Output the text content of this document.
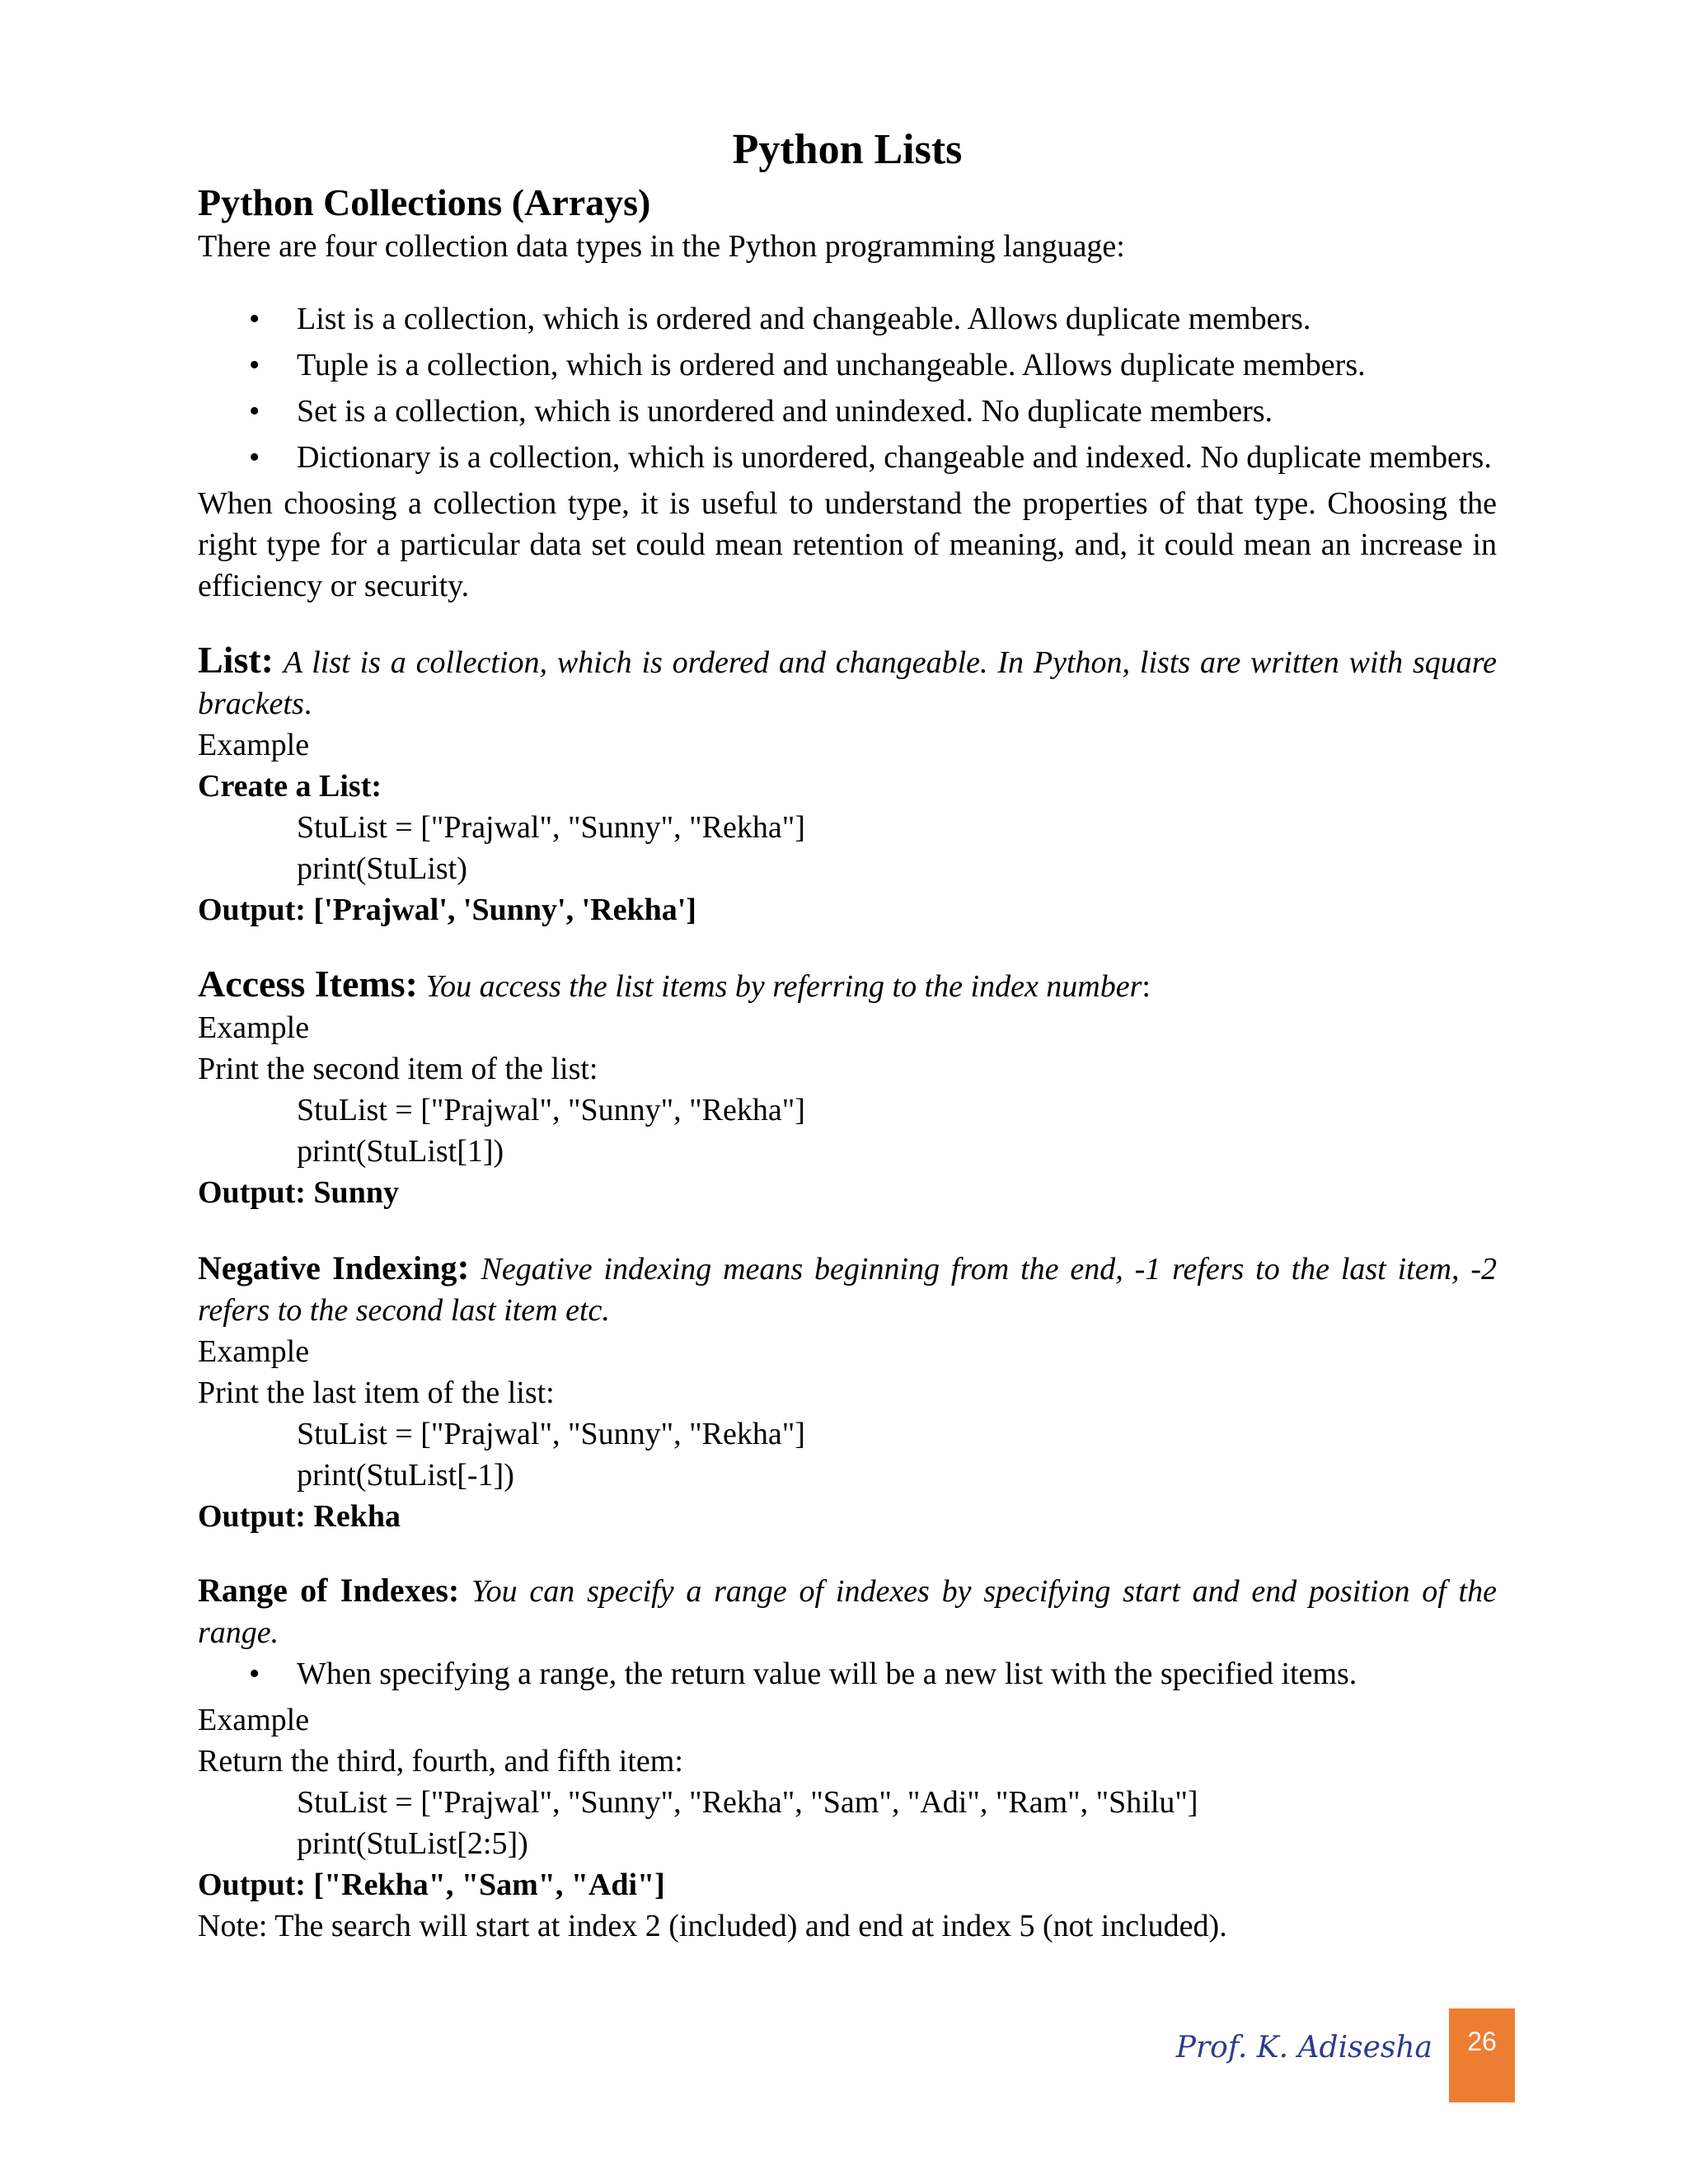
Python Lists
Python Collections (Arrays)

There are four collection data types in the Python programming language:

• List is a collection, which is ordered and changeable. Allows duplicate members.
• Tuple is a collection, which is ordered and unchangeable. Allows duplicate members.
• Set is a collection, which is unordered and unindexed. No duplicate members.
• Dictionary is a collection, which is unordered, changeable and indexed. No duplicate members.

When choosing a collection type, it is useful to understand the properties of that type. Choosing the right type for a particular data set could mean retention of meaning, and, it could mean an increase in efficiency or security.

List: A list is a collection, which is ordered and changeable. In Python, lists are written with square brackets.

Example

Create a List:

StuList = ["Prajwal", "Sunny", "Rekha"]

print(StuList)

Output: ['Prajwal', 'Sunny', 'Rekha']

Access Items: You access the list items by referring to the index number:

Example

Print the second item of the list:

StuList = ["Prajwal", "Sunny", "Rekha"]

print(StuList[1])

Output: Sunny

Negative Indexing: Negative indexing means beginning from the end, -1 refers to the last item, -2 refers to the second last item etc.

Example

Print the last item of the list:

StuList = ["Prajwal", "Sunny", "Rekha"]

print(StuList[-1])

Output: Rekha

Range of Indexes: You can specify a range of indexes by specifying start and end position of the range.

• When specifying a range, the return value will be a new list with the specified items.

Example

Return the third, fourth, and fifth item:

StuList = ["Prajwal", "Sunny", "Rekha", "Sam", "Adi", "Ram", "Shilu"]

print(StuList[2:5])

Output: ["Rekha", "Sam", "Adi"]

Note: The search will start at index 2 (included) and end at index 5 (not included).

Prof. K. Adisesha	26
